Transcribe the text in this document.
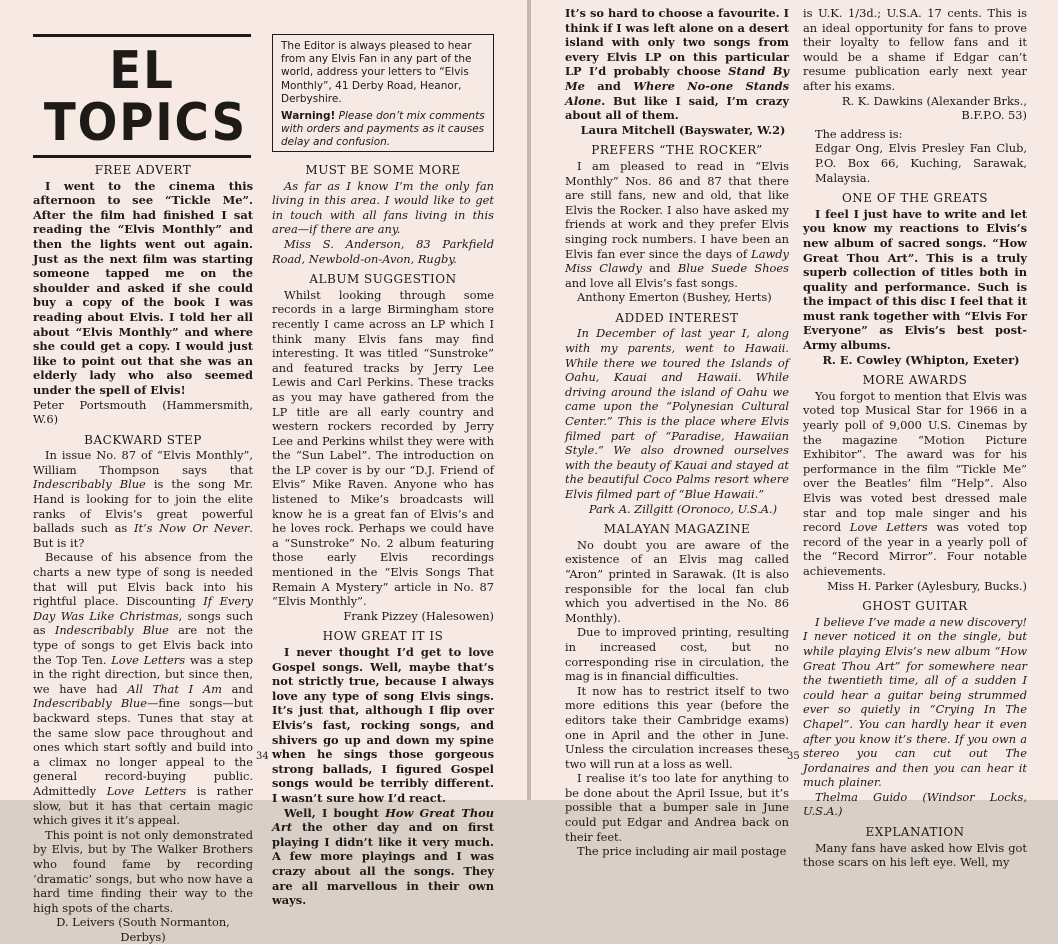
EL
TOPICS

The Editor is always pleased to hear from any Elvis Fan in any part of the world, address your letters to “Elvis Monthly”, 41 Derby Road, Heanor, Derbyshire.

Warning! Please don’t mix comments with orders and payments as it causes delay and confusion.

FREE ADVERT

I went to the cinema this afternoon to see “Tickle Me”. After the film had finished I sat reading the “Elvis Monthly” and then the lights went out again. Just as the next film was starting someone tapped me on the shoulder and asked if she could buy a copy of the book I was reading about Elvis. I told her all about “Elvis Monthly” and where she could get a copy. I would just like to point out that she was an elderly lady who also seemed under the spell of Elvis!

Peter Portsmouth (Hammersmith, W.6)

BACKWARD STEP

In issue No. 87 of “Elvis Monthly”, William Thompson says that Indescribably Blue is the song Mr. Hand is looking for to join the elite ranks of Elvis’s great powerful ballads such as It’s Now Or Never. But is it?

Because of his absence from the charts a new type of song is needed that will put Elvis back into his rightful place. Discounting If Every Day Was Like Christmas, songs such as Indescribably Blue are not the type of songs to get Elvis back into the Top Ten. Love Letters was a step in the right direction, but since then, we have had All That I Am and Indescribably Blue—fine songs—but backward steps. Tunes that stay at the same slow pace throughout and ones which start softly and build into a climax no longer appeal to the general record-buying public. Admittedly Love Letters is rather slow, but it has that certain magic which gives it it’s appeal.

This point is not only demonstrated by Elvis, but by The Walker Brothers who found fame by recording ‘dramatic’ songs, but who now have a hard time finding their way to the high spots of the charts.

D. Leivers (South Normanton, Derbys)

MUST BE SOME MORE

As far as I know I’m the only fan living in this area. I would like to get in touch with all fans living in this area—if there are any.

Miss S. Anderson, 83 Parkfield Road, Newbold-on-Avon, Rugby.

ALBUM SUGGESTION

Whilst looking through some records in a large Birmingham store recently I came across an LP which I think many Elvis fans may find interesting. It was titled “Sunstroke” and featured tracks by Jerry Lee Lewis and Carl Perkins. These tracks as you may have gathered from the LP title are all early country and western rockers recorded by Jerry Lee and Perkins whilst they were with the “Sun Label”. The introduction on the LP cover is by our “D.J. Friend of Elvis” Mike Raven. Anyone who has listened to Mike’s broadcasts will know he is a great fan of Elvis’s and he loves rock. Perhaps we could have a “Sunstroke” No. 2 album featuring those early Elvis recordings mentioned in the “Elvis Songs That Remain A Mystery” article in No. 87 “Elvis Monthly”.

Frank Pizzey (Halesowen)

HOW GREAT IT IS

I never thought I’d get to love Gospel songs. Well, maybe that’s not strictly true, because I always love any type of song Elvis sings. It’s just that, although I flip over Elvis’s fast, rocking songs, and shivers go up and down my spine when he sings those gorgeous strong ballads, I figured Gospel songs would be terribly different. I wasn’t sure how I’d react.

Well, I bought How Great Thou Art the other day and on first playing I didn’t like it very much. A few more playings and I was crazy about all the songs. They are all marvellous in their own ways.

34

It’s so hard to choose a favourite. I think if I was left alone on a desert island with only two songs from every Elvis LP on this particular LP I’d probably choose Stand By Me and Where No-one Stands Alone. But like I said, I’m crazy about all of them.

Laura Mitchell (Bayswater, W.2)

PREFERS “THE ROCKER”

I am pleased to read in “Elvis Monthly” Nos. 86 and 87 that there are still fans, new and old, that like Elvis the Rocker. I also have asked my friends at work and they prefer Elvis singing rock numbers. I have been an Elvis fan ever since the days of Lawdy Miss Clawdy and Blue Suede Shoes and love all Elvis’s fast songs.

Anthony Emerton (Bushey, Herts)

ADDED INTEREST

In December of last year I, along with my parents, went to Hawaii. While there we toured the Islands of Oahu, Kauai and Hawaii. While driving around the island of Oahu we came upon the “Polynesian Cultural Center.” This is the place where Elvis filmed part of “Paradise, Hawaiian Style.” We also drowned ourselves with the beauty of Kauai and stayed at the beautiful Coco Palms resort where Elvis filmed part of “Blue Hawaii.”

Park A. Zillgitt (Oronoco, U.S.A.)

MALAYAN MAGAZINE

No doubt you are aware of the existence of an Elvis mag called “Aron” printed in Sarawak. (It is also responsible for the local fan club which you advertised in the No. 86 Monthly).

Due to improved printing, resulting in increased cost, but no corresponding rise in circulation, the mag is in financial difficulties.

It now has to restrict itself to two more editions this year (before the editors take their Cambridge exams) one in April and the other in June. Unless the circulation increases these two will run at a loss as well.

I realise it’s too late for anything to be done about the April Issue, but it’s possible that a bumper sale in June could put Edgar and Andrea back on their feet.

The price including air mail postage

is U.K. 1/3d.; U.S.A. 17 cents. This is an ideal opportunity for fans to prove their loyalty to fellow fans and it would be a shame if Edgar can’t resume publication early next year after his exams.

R. K. Dawkins (Alexander Brks.,

B.F.P.O. 53)

The address is:

Edgar Ong, Elvis Presley Fan Club, P.O. Box 66, Kuching, Sarawak, Malaysia.

ONE OF THE GREATS

I feel I just have to write and let you know my reactions to Elvis’s new album of sacred songs. “How Great Thou Art”. This is a truly superb collection of titles both in quality and performance. Such is the impact of this disc I feel that it must rank together with “Elvis For Everyone” as Elvis’s best post-Army albums.

R. E. Cowley (Whipton, Exeter)

MORE AWARDS

You forgot to mention that Elvis was voted top Musical Star for 1966 in a yearly poll of 9,000 U.S. Cinemas by the magazine “Motion Picture Exhibitor”. The award was for his performance in the film “Tickle Me” over the Beatles’ film “Help”. Also Elvis was voted best dressed male star and top male singer and his record Love Letters was voted top record of the year in a yearly poll of the “Record Mirror”. Four notable achievements.

Miss H. Parker (Aylesbury, Bucks.)

GHOST GUITAR

I believe I’ve made a new discovery! I never noticed it on the single, but while playing Elvis’s new album “How Great Thou Art” for somewhere near the twentieth time, all of a sudden I could hear a guitar being strummed ever so quietly in “Crying In The Chapel”. You can hardly hear it even after you know it’s there. If you own a stereo you can cut out The Jordanaires and then you can hear it much plainer.

Thelma Guido (Windsor Locks, U.S.A.)

EXPLANATION

Many fans have asked how Elvis got those scars on his left eye. Well, my

35
